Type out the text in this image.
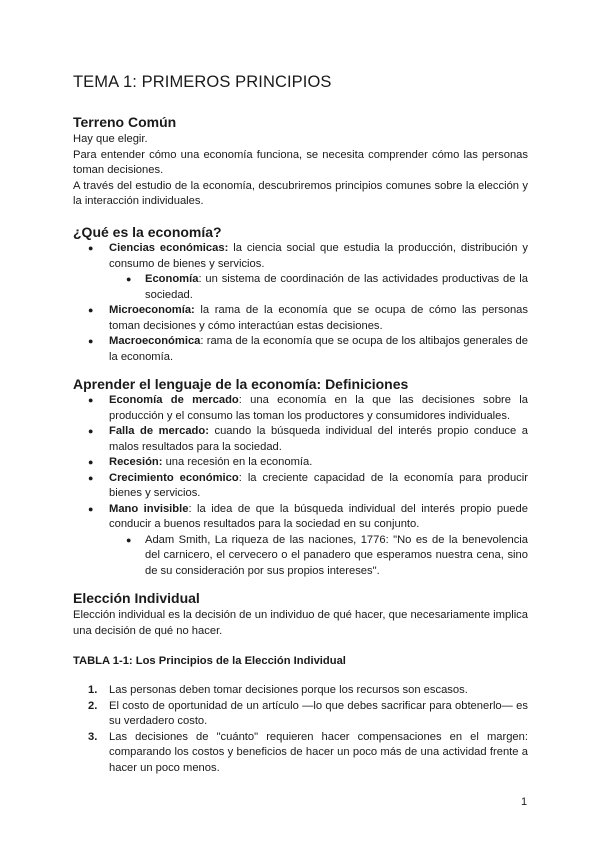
TEMA 1: PRIMEROS PRINCIPIOS
Terreno Común

Hay que elegir.

Para entender cómo una economía funciona, se necesita comprender cómo las personas toman decisiones.

A través del estudio de la economía, descubriremos principios comunes sobre la elección y la interacción individuales.

¿Qué es la economía?
● Ciencias económicas: la ciencia social que estudia la producción, distribución y consumo de bienes y servicios.
● Economía: un sistema de coordinación de las actividades productivas de la sociedad.
● Microeconomía: la rama de la economía que se ocupa de cómo las personas toman decisiones y cómo interactúan estas decisiones.
● Macroeconómica: rama de la economía que se ocupa de los altibajos generales de la economía.
Aprender el lenguaje de la economía: Definiciones
● Economía de mercado: una economía en la que las decisiones sobre la producción y el consumo las toman los productores y consumidores individuales.
● Falla de mercado: cuando la búsqueda individual del interés propio conduce a malos resultados para la sociedad.
● Recesión: una recesión en la economía.
● Crecimiento económico: la creciente capacidad de la economía para producir bienes y servicios.
● Mano invisible: la idea de que la búsqueda individual del interés propio puede conducir a buenos resultados para la sociedad en su conjunto.
● Adam Smith, La riqueza de las naciones, 1776: "No es de la benevolencia del carnicero, el cervecero o el panadero que esperamos nuestra cena, sino de su consideración por sus propios intereses".
Elección Individual

Elección individual es la decisión de un individuo de qué hacer, que necesariamente implica una decisión de qué no hacer.

TABLA 1-1: Los Principios de la Elección Individual
1. Las personas deben tomar decisiones porque los recursos son escasos.
2. El costo de oportunidad de un artículo —lo que debes sacrificar para obtenerlo— es su verdadero costo.
3. Las decisiones de "cuánto" requieren hacer compensaciones en el margen: comparando los costos y beneficios de hacer un poco más de una actividad frente a hacer un poco menos.
1
